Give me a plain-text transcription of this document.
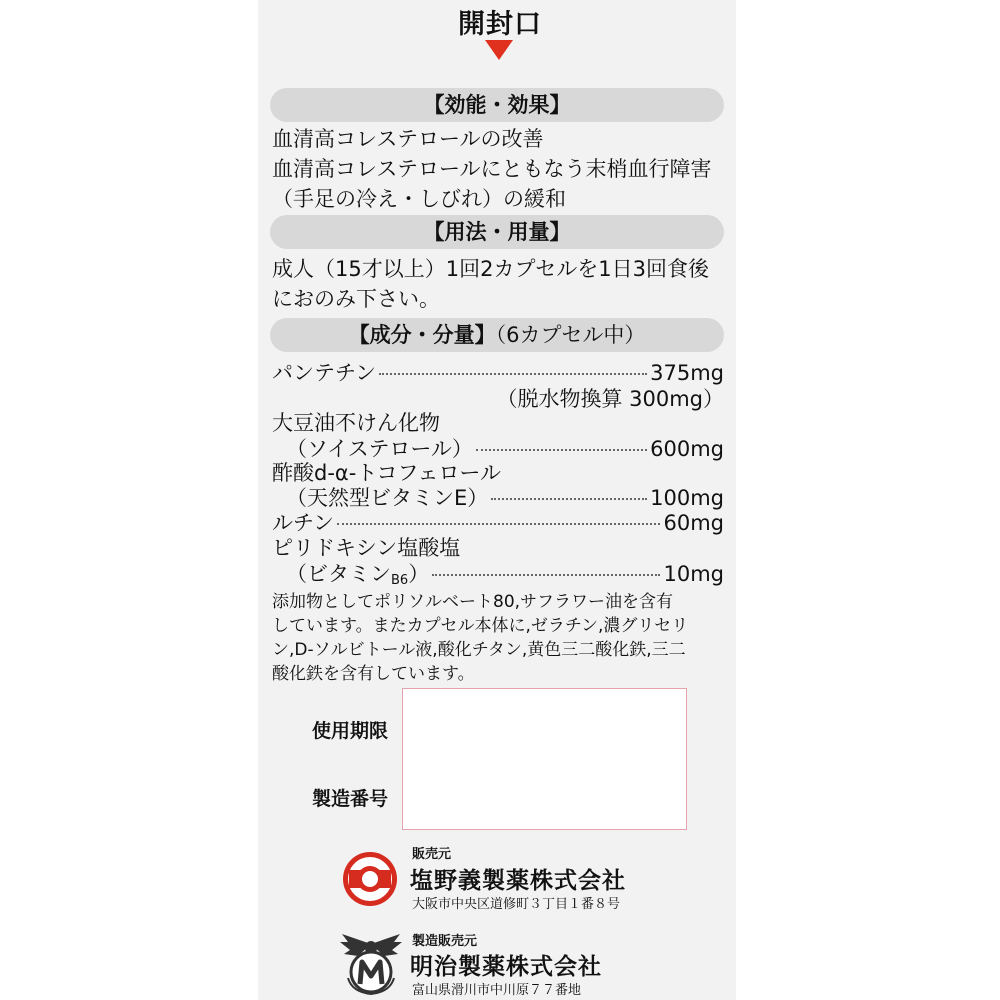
開封口
【効能・効果】
血清高コレステロールの改善
血清高コレステロールにともなう末梢血行障害
（手足の冷え・しびれ）の緩和
【用法・用量】
成人（15才以上）1回2カプセルを1日3回食後
におのみ下さい。
【成分・分量】（6カプセル中）
パンテチン	375mg
（脱水物換算 300mg）
大豆油不けん化物
（ソイステロール）	600mg
酢酸d-α-トコフェロール
（天然型ビタミンE）	100mg
ルチン	60mg
ピリドキシン塩酸塩
（ビタミンB6）	10mg
添加物としてポリソルベート80,サフラワー油を含有
しています。またカプセル本体に,ゼラチン,濃グリセリ
ン,D-ソルビトール液,酸化チタン,黄色三二酸化鉄,三二
酸化鉄を含有しています。
使用期限
製造番号
販売元
塩野義製薬株式会社
大阪市中央区道修町３丁目１番８号
製造販売元
明治製薬株式会社
富山県滑川市中川原７７番地
